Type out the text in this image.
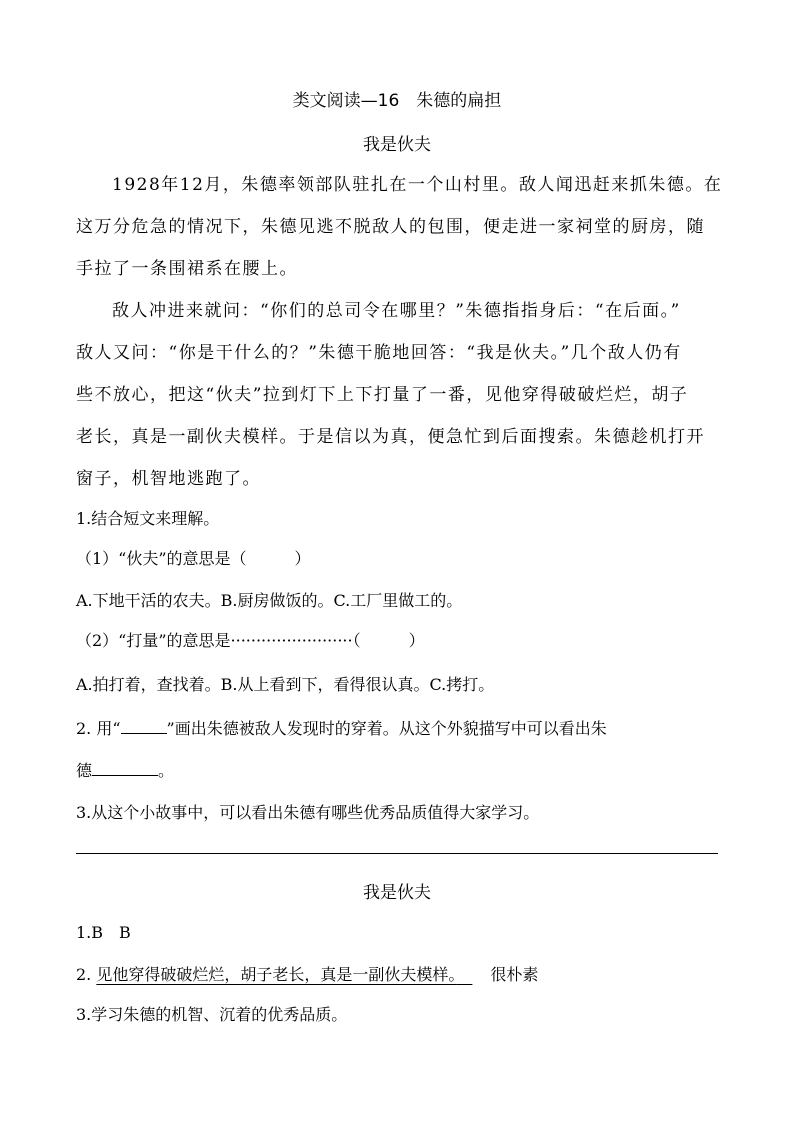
类文阅读—16　朱德的扁担
我是伙夫
1928年12月，朱德率领部队驻扎在一个山村里。敌人闻迅赶来抓朱德。在
这万分危急的情况下，朱德见逃不脱敌人的包围，便走进一家祠堂的厨房，随
手拉了一条围裙系在腰上。
敌人冲进来就问：“你们的总司令在哪里？”朱德指指身后：“在后面。”
敌人又问：“你是干什么的？”朱德干脆地回答：“我是伙夫。”几个敌人仍有
些不放心，把这“伙夫”拉到灯下上下打量了一番，见他穿得破破烂烂，胡子
老长，真是一副伙夫模样。于是信以为真，便急忙到后面搜索。朱德趁机打开
窗子，机智地逃跑了。
1.结合短文来理解。
（1）“伙夫”的意思是（　　　）
A.下地干活的农夫。B.厨房做饭的。C.工厂里做工的。
（2）“打量”的意思是························（　　　）
A.拍打着，查找着。B.从上看到下，看得很认真。C.拷打。
2. 用“	”画出朱德被敌人发现时的穿着。从这个外貌描写中可以看出朱
德	。
3.从这个小故事中，可以看出朱德有哪些优秀品质值得大家学习。
我是伙夫
1.B　B
2. 见他穿得破破烂烂，胡子老长，真是一副伙夫模样。　 很朴素
3.学习朱德的机智、沉着的优秀品质。
